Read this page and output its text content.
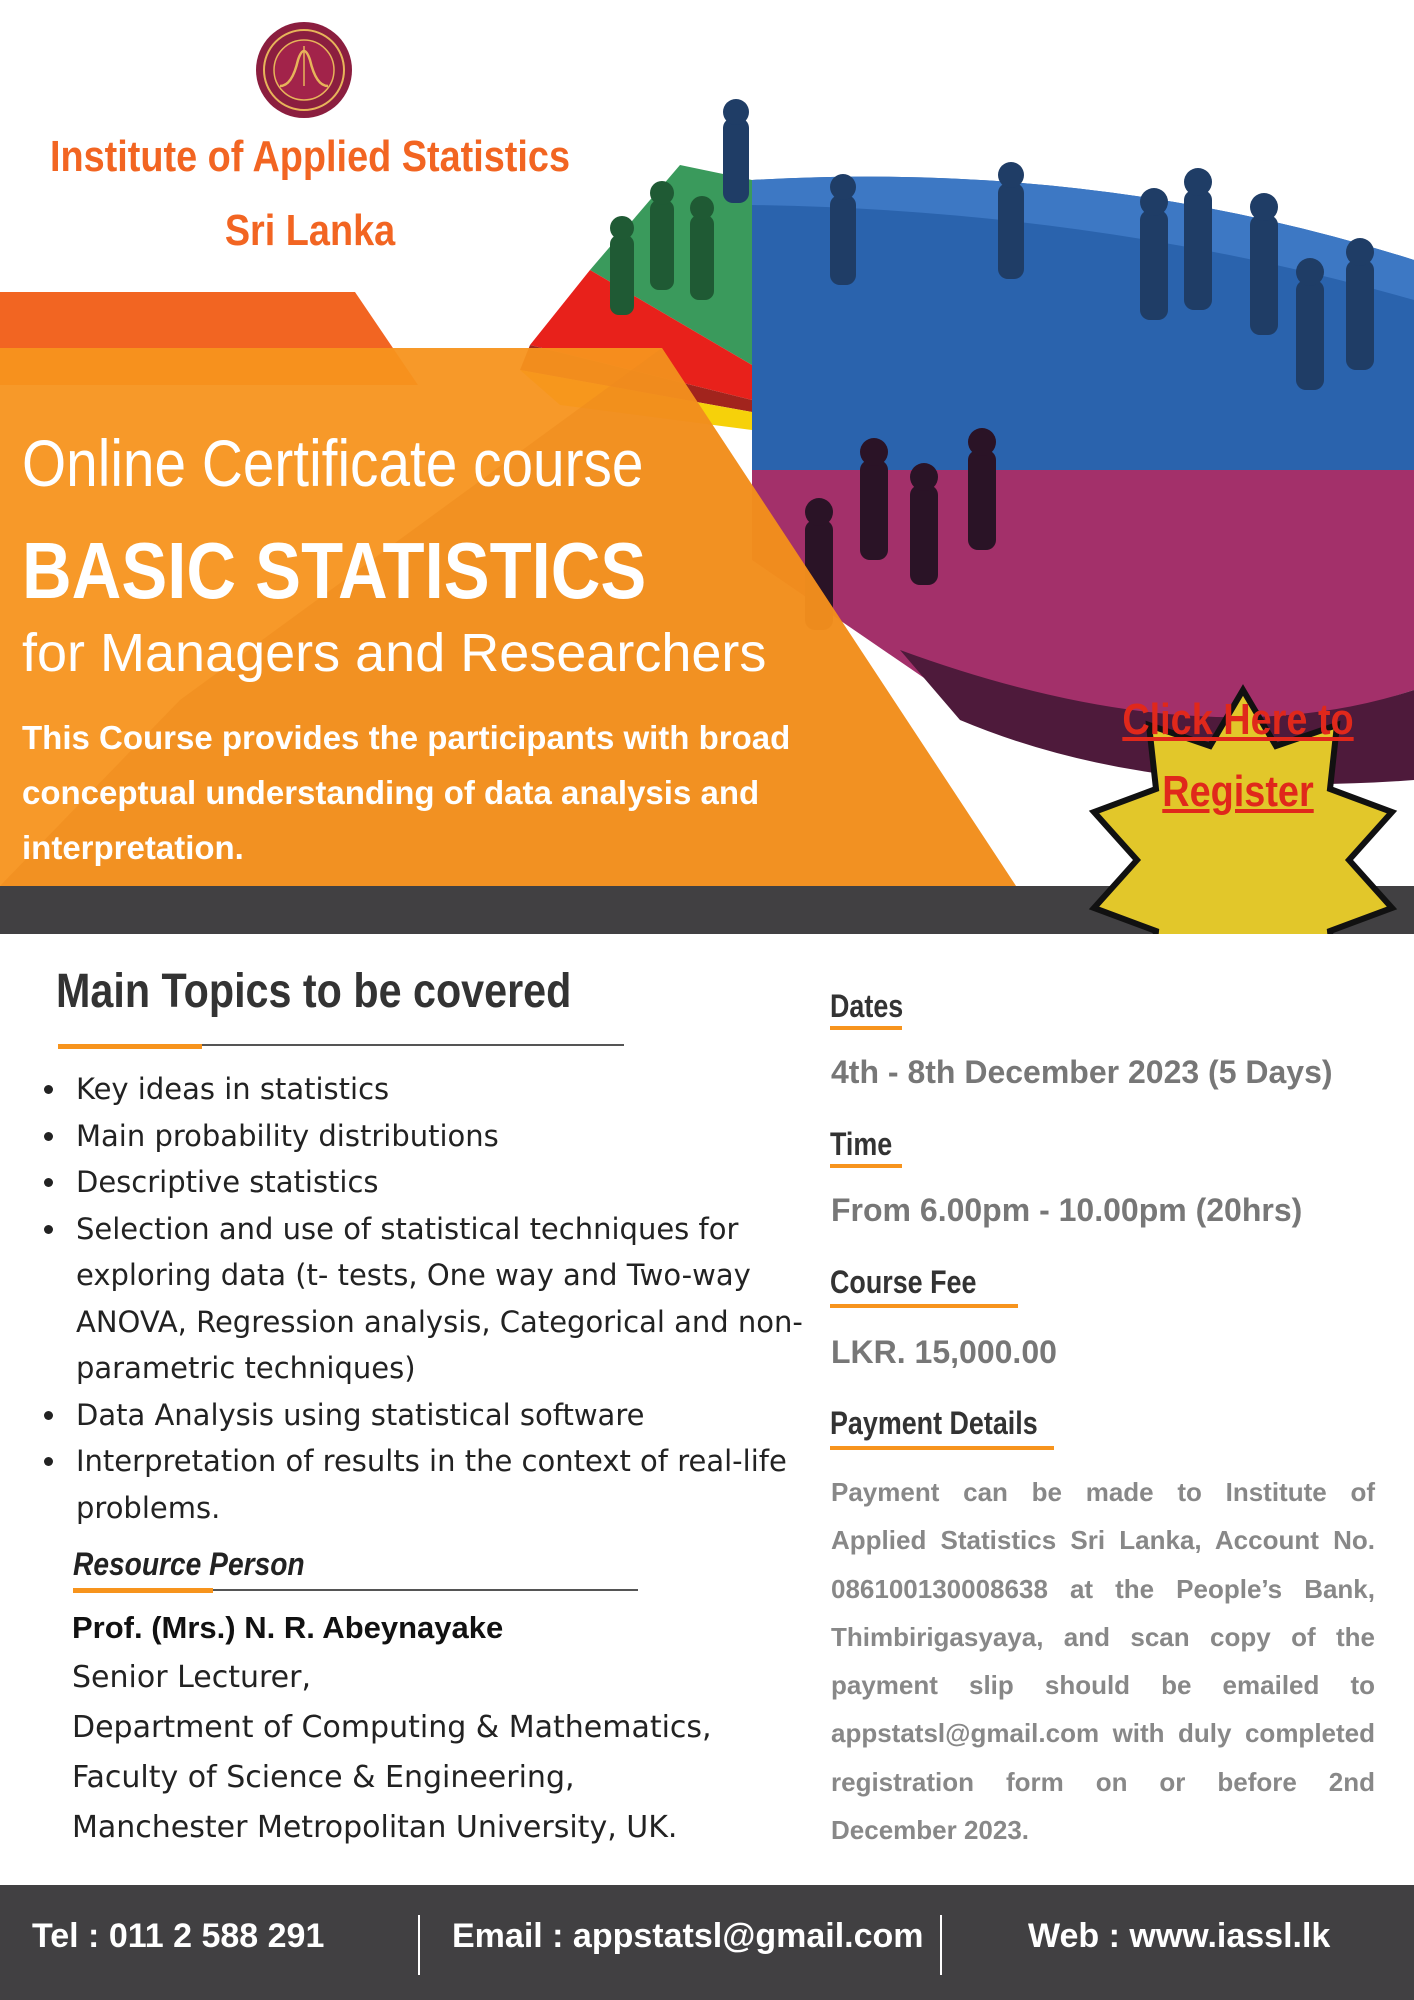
Institute of Applied Statistics
Sri Lanka
Online Certificate course
BASIC STATISTICS
for Managers and Researchers
This Course provides the participants with broad conceptual understanding of data analysis and interpretation.
Click Here to
Register
Main Topics to be covered
Key ideas in statistics
Main probability distributions
Descriptive statistics
Selection and use of statistical techniques for exploring data (t- tests, One way and Two-way ANOVA, Regression analysis, Categorical and non-parametric techniques)
Data Analysis using statistical software
Interpretation of results in the context of real-life problems.
Resource Person
Prof. (Mrs.) N. R. Abeynayake
Senior Lecturer,
Department of Computing & Mathematics,
Faculty of Science & Engineering,
Manchester Metropolitan University, UK.
Dates
4th - 8th December 2023 (5 Days)
Time
From 6.00pm - 10.00pm (20hrs)
Course Fee
LKR. 15,000.00
Payment Details
Payment can be made to Institute of Applied Statistics Sri Lanka, Account No. 086100130008638 at the People’s Bank, Thimbirigasyaya, and scan copy of the payment slip should be emailed to appstatsl@gmail.com with duly completed registration form on or before 2nd December 2023.
Tel : 011 2 588 291	Email : appstatsl@gmail.com	Web : www.iassl.lk
